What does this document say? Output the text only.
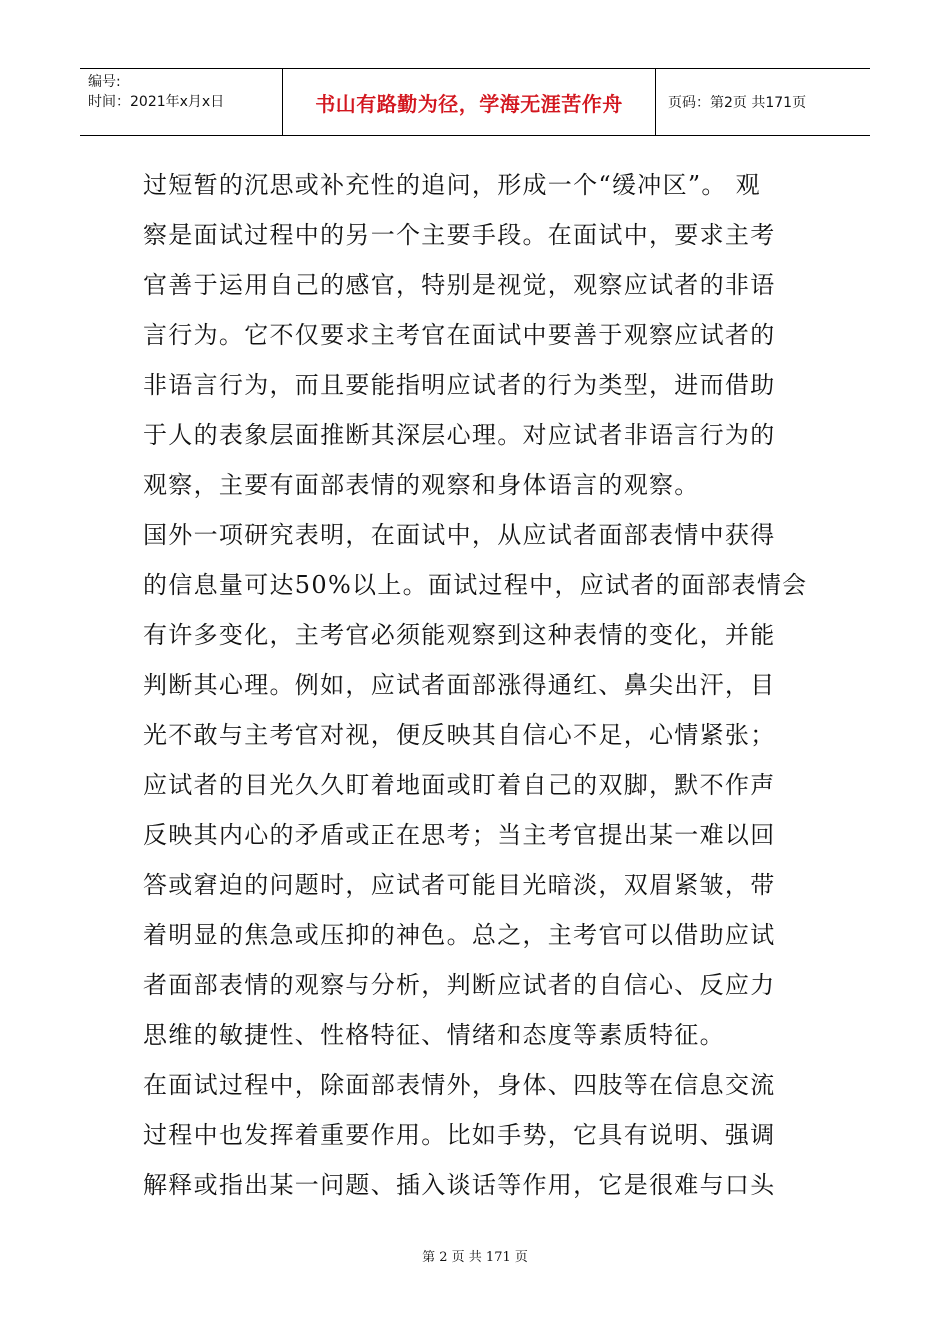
编号:
时间：2021年x月x日	书山有路勤为径，学海无涯苦作舟	页码：第2页 共171页
过短暂的沉思或补充性的追问，形成一个“缓冲区”。 观
察是面试过程中的另一个主要手段。在面试中，要求主考
官善于运用自己的感官，特别是视觉，观察应试者的非语
言行为。它不仅要求主考官在面试中要善于观察应试者的
非语言行为，而且要能指明应试者的行为类型，进而借助
于人的表象层面推断其深层心理。对应试者非语言行为的
观察，主要有面部表情的观察和身体语言的观察。
国外一项研究表明，在面试中，从应试者面部表情中获得
的信息量可达50%以上。面试过程中，应试者的面部表情会
有许多变化，主考官必须能观察到这种表情的变化，并能
判断其心理。例如，应试者面部涨得通红、鼻尖出汗，目
光不敢与主考官对视，便反映其自信心不足，心情紧张；
应试者的目光久久盯着地面或盯着自己的双脚，默不作声
反映其内心的矛盾或正在思考；当主考官提出某一难以回
答或窘迫的问题时，应试者可能目光暗淡，双眉紧皱，带
着明显的焦急或压抑的神色。总之，主考官可以借助应试
者面部表情的观察与分析，判断应试者的自信心、反应力
思维的敏捷性、性格特征、情绪和态度等素质特征。
在面试过程中，除面部表情外，身体、四肢等在信息交流
过程中也发挥着重要作用。比如手势，它具有说明、强调
解释或指出某一问题、插入谈话等作用，它是很难与口头
第 2 页 共 171 页
